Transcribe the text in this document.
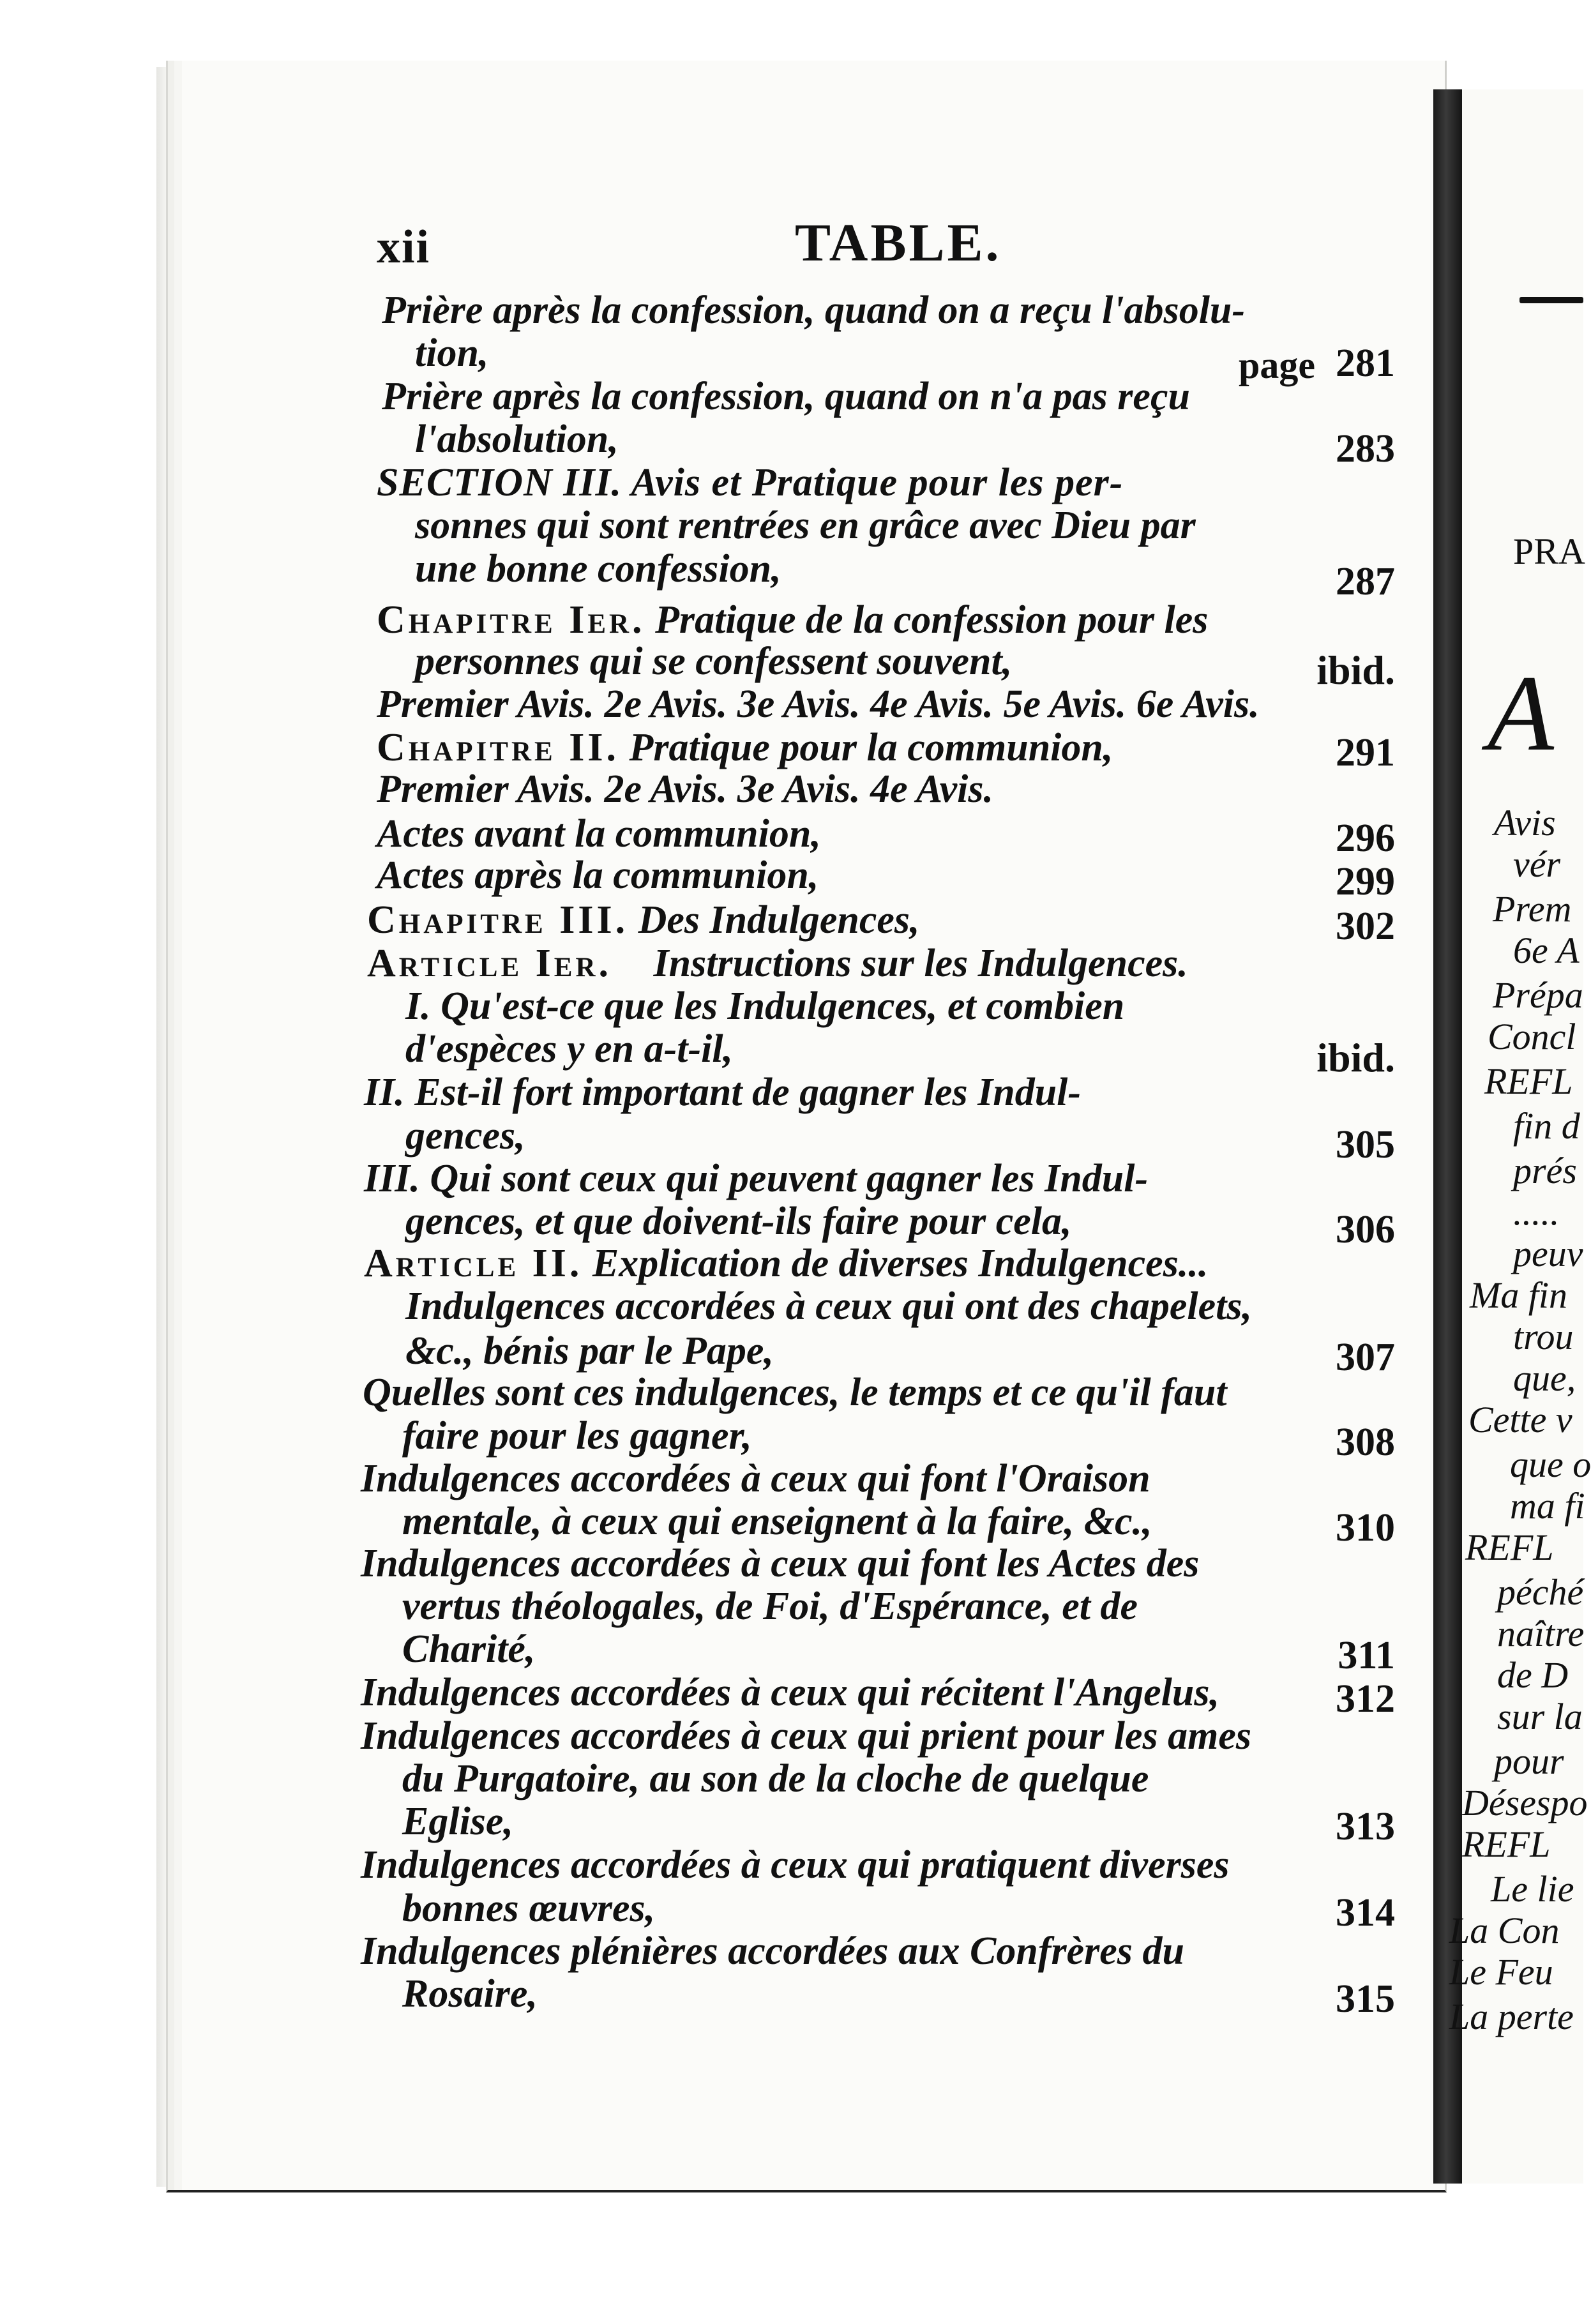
PRA
A
Avis
vér
Prem
6e A
Prépa
Concl
REFL
fin d
prés
.....
peuv
Ma fin
trou
que,
Cette v
que o
ma fi
REFL
péché
naître
de D
sur la
pour
Désespo
REFL
Le lie
La Con
Le Feu
La perte
xii	TABLE.
Prière après la confession, quand on a reçu l'absolu-
tion,	page 281
Prière après la confession, quand on n'a pas reçu
l'absolution,	283
SECTION III. Avis et Pratique pour les per-
sonnes qui sont rentrées en grâce avec Dieu par
une bonne confession,	287
Chapitre Ier. Pratique de la confession pour les
personnes qui se confessent souvent,	ibid.
Premier Avis. 2e Avis. 3e Avis. 4e Avis. 5e Avis. 6e Avis.
Chapitre II. Pratique pour la communion,	291
Premier Avis. 2e Avis. 3e Avis. 4e Avis.
Actes avant la communion,	296
Actes après la communion,	299
Chapitre III. Des Indulgences,	302
Article Ier. Instructions sur les Indulgences.
I. Qu'est-ce que les Indulgences, et combien
d'espèces y en a-t-il,	ibid.
II. Est-il fort important de gagner les Indul-
gences,	305
III. Qui sont ceux qui peuvent gagner les Indul-
gences, et que doivent-ils faire pour cela,	306
Article II. Explication de diverses Indulgences...
Indulgences accordées à ceux qui ont des chapelets,
&c., bénis par le Pape,	307
Quelles sont ces indulgences, le temps et ce qu'il faut
faire pour les gagner,	308
Indulgences accordées à ceux qui font l'Oraison
mentale, à ceux qui enseignent à la faire, &c.,	310
Indulgences accordées à ceux qui font les Actes des
vertus théologales, de Foi, d'Espérance, et de
Charité,	311
Indulgences accordées à ceux qui récitent l'Angelus,	312
Indulgences accordées à ceux qui prient pour les ames
du Purgatoire, au son de la cloche de quelque
Eglise,	313
Indulgences accordées à ceux qui pratiquent diverses
bonnes œuvres,	314
Indulgences plénières accordées aux Confrères du
Rosaire,	315
